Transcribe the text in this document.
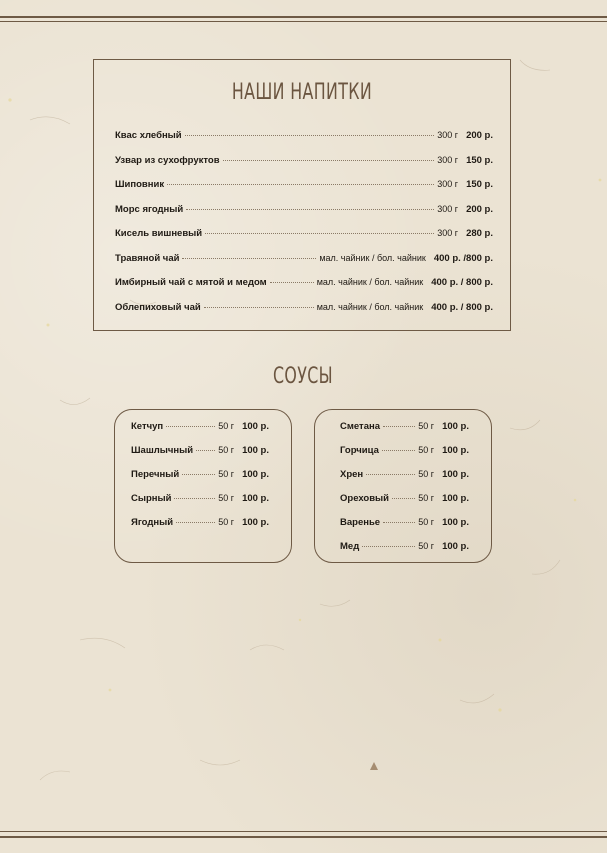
НАШИ НАПИТКИ
Квас хлебный	300 г 200 р.
Узвар из сухофруктов	300 г 150 р.
Шиповник	300 г 150 р.
Морс ягодный	300 г 200 р.
Кисель вишневый	300 г 280 р.
Травяной чай	мал. чайник / бол. чайник 400 р. /800 р.
Имбирный чай с мятой и медом	мал. чайник / бол. чайник 400 р. / 800 р.
Облепиховый чай	мал. чайник / бол. чайник 400 р. / 800 р.
СОУСЫ
Кетчуп	50 г 100 р.
Шашлычный	50 г 100 р.
Перечный	50 г 100 р.
Сырный	50 г 100 р.
Ягодный	50 г 100 р.
Сметана	50 г 100 р.
Горчица	50 г 100 р.
Хрен	50 г 100 р.
Ореховый	50 г 100 р.
Варенье	50 г 100 р.
Мед	50 г 100 р.
